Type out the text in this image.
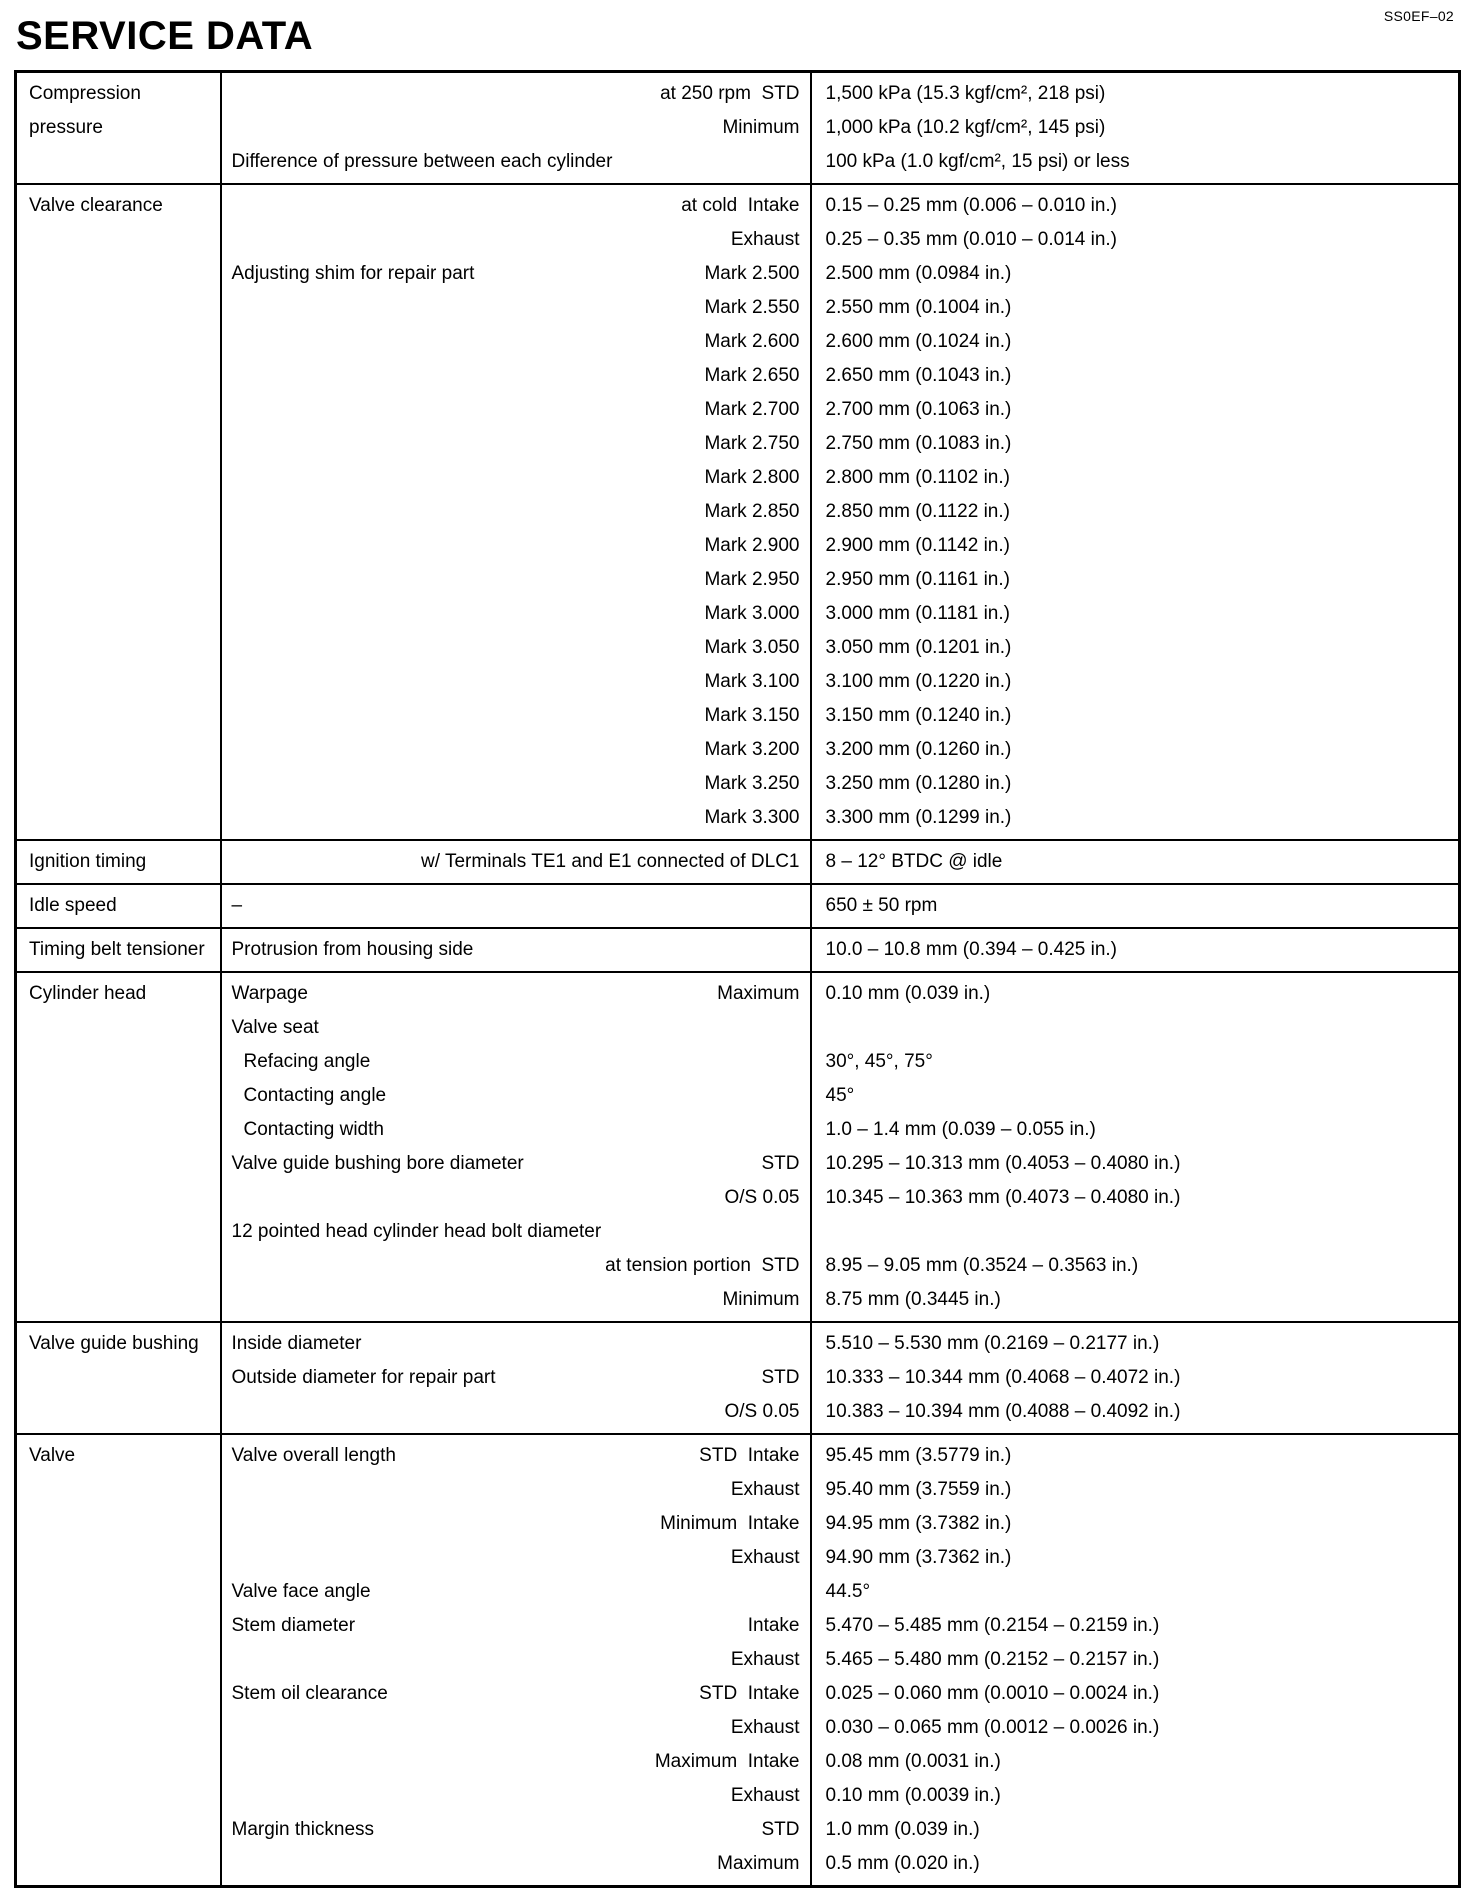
SS0EF–02
SERVICE DATA
Compression pressure	at 250 rpm  STD	1,500 kPa (15.3 kgf/cm², 218 psi)

	Minimum	1,000 kPa (10.2 kgf/cm², 145 psi)

	Difference of pressure between each cylinder	100 kPa (1.0 kgf/cm², 15 psi) or less
Valve clearance	at cold  Intake	0.15 – 0.25 mm (0.006 – 0.010 in.)

	Exhaust	0.25 – 0.35 mm (0.010 – 0.014 in.)

	Adjusting shim for repair part Mark 2.500	2.500 mm (0.0984 in.)

	Mark 2.550	2.550 mm (0.1004 in.)

	Mark 2.600	2.600 mm (0.1024 in.)

	Mark 2.650	2.650 mm (0.1043 in.)

	Mark 2.700	2.700 mm (0.1063 in.)

	Mark 2.750	2.750 mm (0.1083 in.)

	Mark 2.800	2.800 mm (0.1102 in.)

	Mark 2.850	2.850 mm (0.1122 in.)

	Mark 2.900	2.900 mm (0.1142 in.)

	Mark 2.950	2.950 mm (0.1161 in.)

	Mark 3.000	3.000 mm (0.1181 in.)

	Mark 3.050	3.050 mm (0.1201 in.)

	Mark 3.100	3.100 mm (0.1220 in.)

	Mark 3.150	3.150 mm (0.1240 in.)

	Mark 3.200	3.200 mm (0.1260 in.)

	Mark 3.250	3.250 mm (0.1280 in.)

	Mark 3.300	3.300 mm (0.1299 in.)
Ignition timing	w/ Terminals TE1 and E1 connected of DLC1	8 – 12° BTDC @ idle
Idle speed	–	650 ± 50 rpm
Timing belt tensioner	Protrusion from housing side	10.0 – 10.8 mm (0.394 – 0.425 in.)
Cylinder head	Warpage Maximum	0.10 mm (0.039 in.)

	Valve seat	

	Refacing angle	30°, 45°, 75°

	Contacting angle	45°

	Contacting width	1.0 – 1.4 mm (0.039 – 0.055 in.)

	Valve guide bushing bore diameter STD	10.295 – 10.313 mm (0.4053 – 0.4080 in.)

	O/S 0.05	10.345 – 10.363 mm (0.4073 – 0.4080 in.)

	12 pointed head cylinder head bolt diameter	

	at tension portion  STD	8.95 – 9.05 mm (0.3524 – 0.3563 in.)

	Minimum	8.75 mm (0.3445 in.)
Valve guide bushing	Inside diameter	5.510 – 5.530 mm (0.2169 – 0.2177 in.)

	Outside diameter for repair part STD	10.333 – 10.344 mm (0.4068 – 0.4072 in.)

	O/S 0.05	10.383 – 10.394 mm (0.4088 – 0.4092 in.)
Valve	Valve overall length STD  Intake	95.45 mm (3.5779 in.)

	Exhaust	95.40 mm (3.7559 in.)

	Minimum  Intake	94.95 mm (3.7382 in.)

	Exhaust	94.90 mm (3.7362 in.)

	Valve face angle	44.5°

	Stem diameter Intake	5.470 – 5.485 mm (0.2154 – 0.2159 in.)

	Exhaust	5.465 – 5.480 mm (0.2152 – 0.2157 in.)

	Stem oil clearance STD  Intake	0.025 – 0.060 mm (0.0010 – 0.0024 in.)

	Exhaust	0.030 – 0.065 mm (0.0012 – 0.0026 in.)

	Maximum  Intake	0.08 mm (0.0031 in.)

	Exhaust	0.10 mm (0.0039 in.)

	Margin thickness STD	1.0 mm (0.039 in.)

	Maximum	0.5 mm (0.020 in.)
